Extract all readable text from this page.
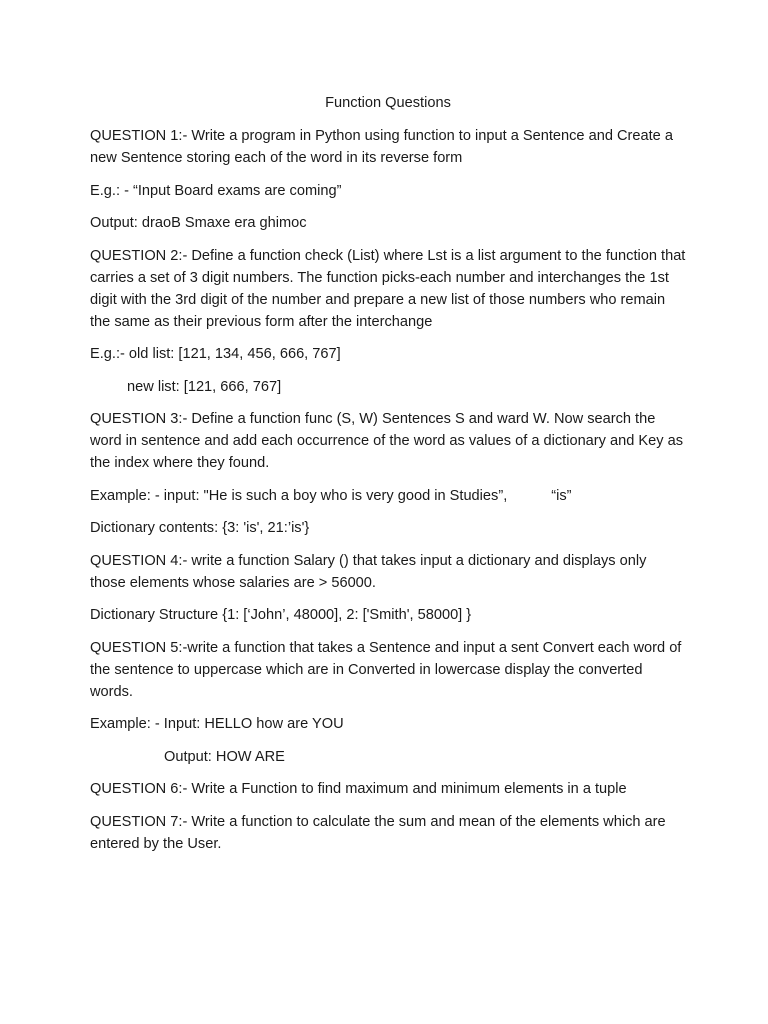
Function Questions
QUESTION 1:- Write a program in Python using function to input a Sentence and Create a new Sentence storing each of the word in its reverse form
E.g.: - “Input Board exams are coming”
Output: draoB Smaxe era ghimoc
QUESTION 2:- Define a function check (List) where Lst is a list argument to the function that carries a set of 3 digit numbers. The function picks-each number and interchanges the 1st digit with the 3rd digit of the number and prepare a new list of those numbers who remain the same as their previous form after the interchange
E.g.:- old list: [121, 134, 456, 666, 767]
new list: [121, 666, 767]
QUESTION 3:- Define a function func (S, W) Sentences S and ward W. Now search the word in sentence and add each occurrence of the word as values of a dictionary and Key as the index where they found.
Example: - input: "He is such a boy who is very good in Studies”,	“is”
Dictionary contents: {3: 'is', 21:’is'}
QUESTION 4:- write a function Salary () that takes input a dictionary and displays only those elements whose salaries are > 56000.
Dictionary Structure {1: [‘John’, 48000], 2: ['Smith', 58000] }
QUESTION 5:-write a function that takes a Sentence and input a sent Convert each word of the sentence to uppercase which are in Converted in lowercase display the converted words.
Example: - Input: HELLO how are YOU
Output: HOW ARE
QUESTION 6:- Write a Function to find maximum and minimum elements in a tuple
QUESTION 7:- Write a function to calculate the sum and mean of the elements which are entered by the User.
